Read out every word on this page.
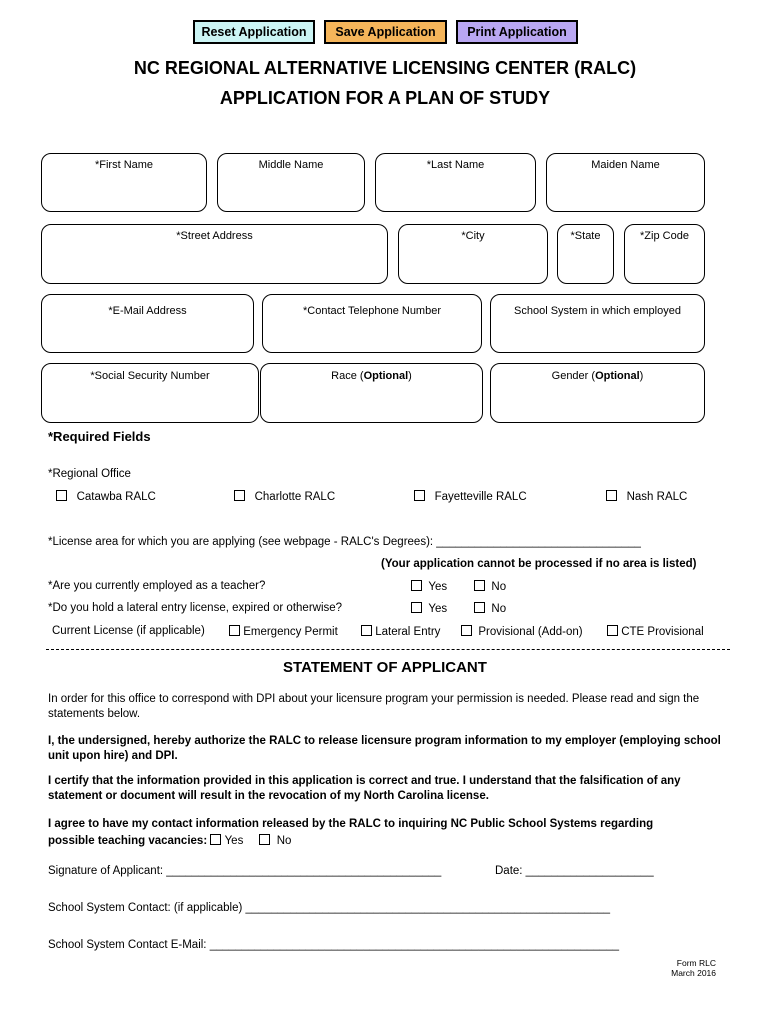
Reset Application	Save Application	Print Application
NC REGIONAL ALTERNATIVE LICENSING CENTER (RALC)
APPLICATION FOR A PLAN OF STUDY
*First Name	Middle Name	*Last Name	Maiden Name
*Street Address	*City	*State	*Zip Code
*E-Mail Address	*Contact Telephone Number	School System in which employed
*Social Security Number	Race (Optional)	Gender (Optional)
*Required Fields
*Regional Office
Catawba RALC	Charlotte RALC	Fayetteville RALC	Nash RALC
*License area for which you are applying (see webpage - RALC's Degrees): ________________________________
(Your application cannot be processed if no area is listed)
*Are you currently employed as a teacher?	Yes	No
*Do you hold a lateral entry license, expired or otherwise?	Yes	No
Current License (if applicable)	Emergency Permit	Lateral Entry	Provisional (Add-on)	CTE Provisional
STATEMENT OF APPLICANT
In order for this office to correspond with DPI about your licensure program your permission is needed. Please read and sign the statements below.
I, the undersigned, hereby authorize the RALC to release licensure program information to my employer (employing school unit upon hire) and DPI.
I certify that the information provided in this application is correct and true. I understand that the falsification of any statement or document will result in the revocation of my North Carolina license.
I agree to have my contact information released by the RALC to inquiring NC Public School Systems regarding
possible teaching vacancies: Yes	No
Signature of Applicant: ___________________________________________	Date: ____________________
School System Contact: (if applicable) _________________________________________________________
School System Contact E-Mail: ________________________________________________________________
Form RLC
March 2016
